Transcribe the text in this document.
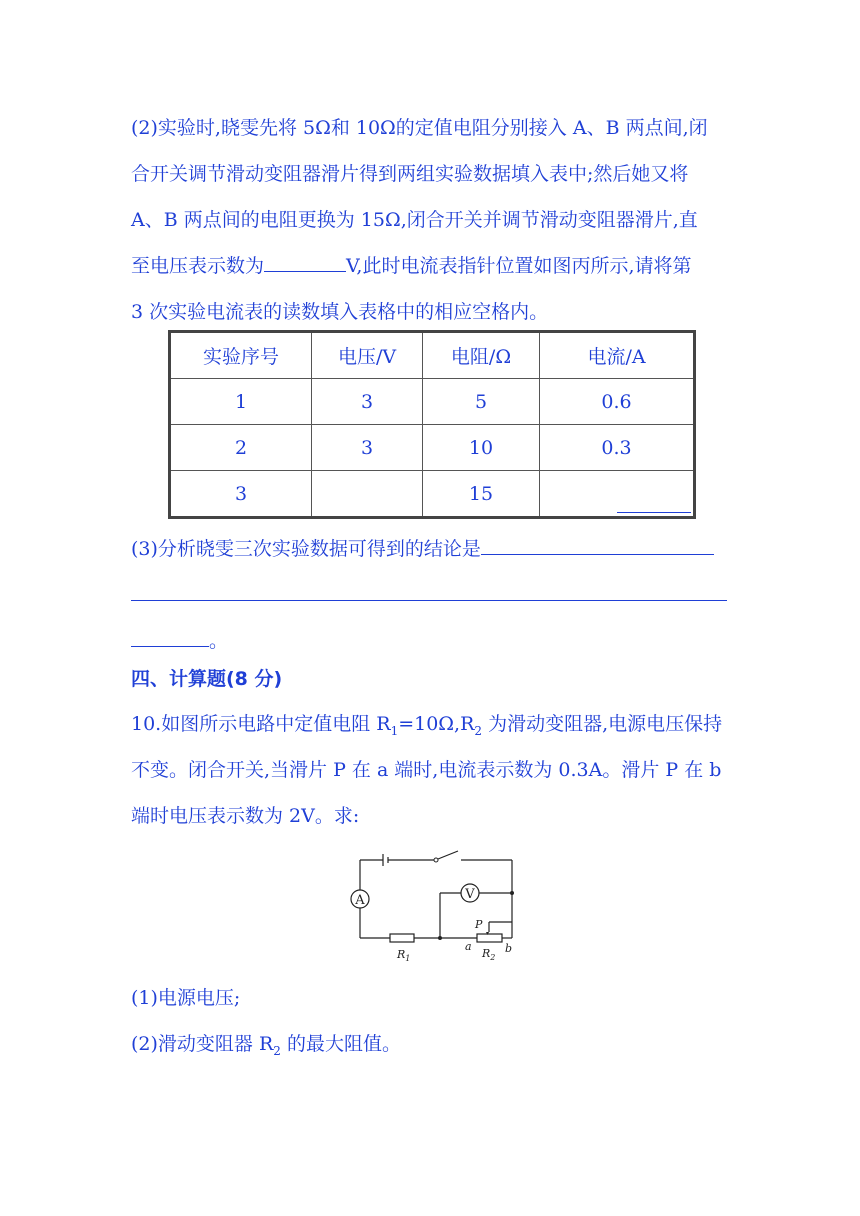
(2)实验时,晓雯先将 5Ω和 10Ω的定值电阻分别接入 A、B 两点间,闭
合开关调节滑动变阻器滑片得到两组实验数据填入表中;然后她又将
A、B 两点间的电阻更换为 15Ω,闭合开关并调节滑动变阻器滑片,直
至电压表示数为	V,此时电流表指针位置如图丙所示,请将第
3 次实验电流表的读数填入表格中的相应空格内。
实验序号	电压/V	电阻/Ω	电流/A
1	3	5	0.6
2	3	10	0.3
3		15	
(3)分析晓雯三次实验数据可得到的结论是
。
四、计算题(8 分)
10.如图所示电路中定值电阻 $R_1=10\Omega,R_2$ 为滑动变阻器,电源电压保持
不变。闭合开关,当滑片 P 在 a 端时,电流表示数为 0.3A。滑片 P 在 b
端时电压表示数为 2V。求:
A	V
$R_1$
P
a	b
$R_2$
(1)电源电压;
(2)滑动变阻器 $R_2$ 的最大阻值。
